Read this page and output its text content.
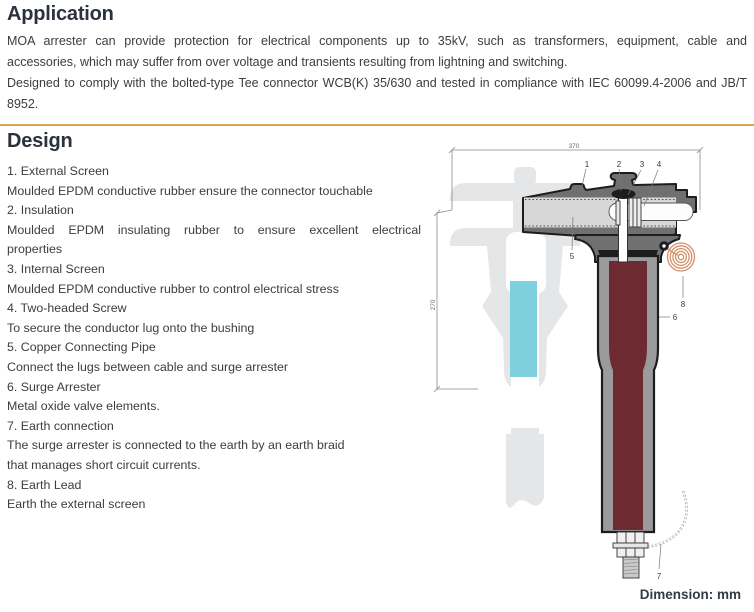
Application
MOA arrester can provide protection for electrical components up to 35kV, such as transformers, equipment, cable and
accessories, which may suffer from over voltage and transients resulting from lightning and switching.
Designed to comply with the bolted-type Tee connector WCB(K) 35/630 and tested in compliance with IEC 60099.4-2006 and JB/T
8952.
Design
1. External Screen
Moulded EPDM conductive rubber ensure the connector touchable
2. Insulation
Moulded EPDM insulating rubber to ensure excellent electrical
properties
3. Internal Screen
Moulded EPDM conductive rubber to control electrical stress
4. Two-headed Screw
To secure the conductor lug onto the bushing
5. Copper Connecting Pipe
Connect the lugs between cable and surge arrester
6. Surge Arrester
Metal oxide valve elements.
7. Earth connection
The surge arrester is connected to the earth by an earth braid
that manages short circuit currents.
8. Earth Lead
Earth the external screen
370
270
1	2 3 4
5
6
7
8
Dimension: mm
